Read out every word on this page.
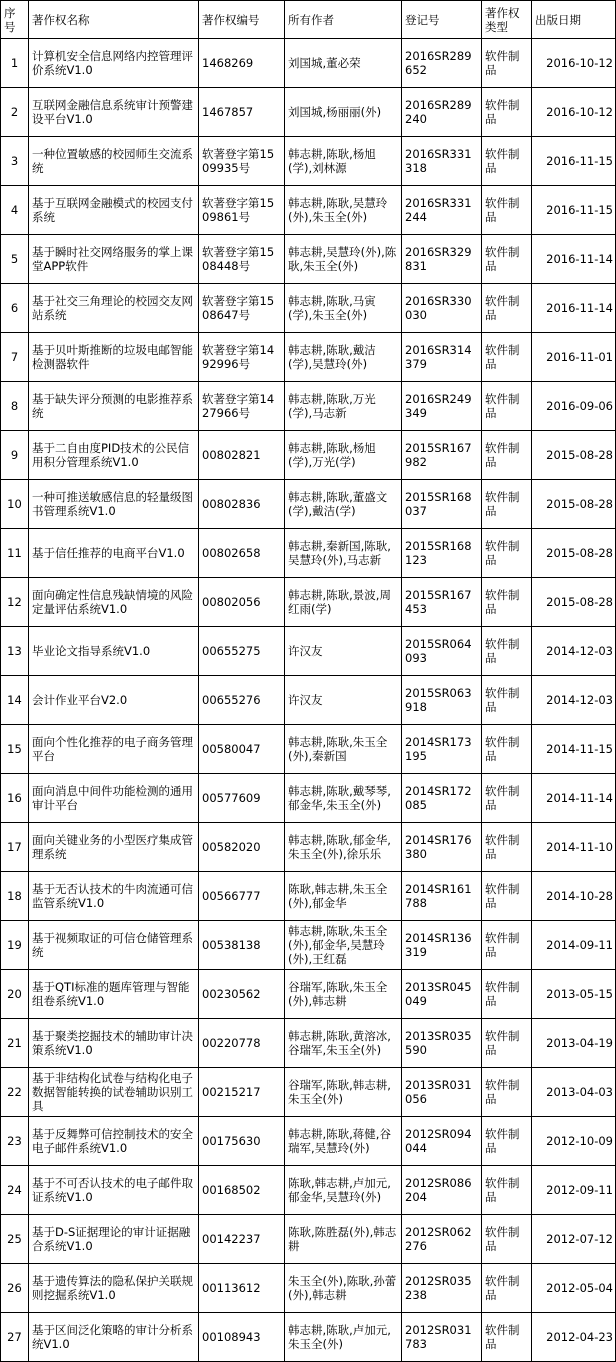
序号	著作权名称	著作权编号	所有作者	登记号	著作权类型	出版日期
1	计算机安全信息网络内控管理评价系统V1.0	1468269	刘国城,董必荣	2016SR289652	软件制品	2016-10-12
2	互联网金融信息系统审计预警建设平台V1.0	1467857	刘国城,杨丽丽(外)	2016SR289240	软件制品	2016-10-12
3	一种位置敏感的校园师生交流系统	软著登字第1509935号	韩志耕,陈耿,杨旭(学),刘林源	2016SR331318	软件制品	2016-11-15
4	基于互联网金融模式的校园支付系统	软著登字第1509861号	韩志耕,陈耿,吴慧玲(外),朱玉全(外)	2016SR331244	软件制品	2016-11-15
5	基于瞬时社交网络服务的掌上课堂APP软件	软著登字第1508448号	韩志耕,吴慧玲(外),陈耿,朱玉全(外)	2016SR329831	软件制品	2016-11-14
6	基于社交三角理论的校园交友网站系统	软著登字第1508647号	韩志耕,陈耿,马寅(学),朱玉全(外)	2016SR330030	软件制品	2016-11-14
7	基于贝叶斯推断的垃圾电邮智能检测器软件	软著登字第1492996号	韩志耕,陈耿,戴洁(学),吴慧玲(外)	2016SR314379	软件制品	2016-11-01
8	基于缺失评分预测的电影推荐系统	软著登字第1427966号	韩志耕,陈耿,万光(学),马志新	2016SR249349	软件制品	2016-09-06
9	基于二自由度PID技术的公民信用积分管理系统V1.0	00802821	韩志耕,陈耿,杨旭(学),万光(学)	2015SR167982	软件制品	2015-08-28
10	一种可推送敏感信息的轻量级图书管理系统V1.0	00802836	韩志耕,陈耿,董盛文(学),戴洁(学)	2015SR168037	软件制品	2015-08-28
11	基于信任推荐的电商平台V1.0	00802658	韩志耕,秦新国,陈耿,吴慧玲(外),马志新	2015SR168123	软件制品	2015-08-28
12	面向确定性信息残缺情境的风险定量评估系统V1.0	00802056	韩志耕,陈耿,景波,周红雨(学)	2015SR167453	软件制品	2015-08-28
13	毕业论文指导系统V1.0	00655275	许汉友	2015SR064093	软件制品	2014-12-03
14	会计作业平台V2.0	00655276	许汉友	2015SR063918	软件制品	2014-12-03
15	面向个性化推荐的电子商务管理平台	00580047	韩志耕,陈耿,朱玉全(外),秦新国	2014SR173195	软件制品	2014-11-15
16	面向消息中间件功能检测的通用审计平台	00577609	韩志耕,陈耿,戴琴琴,郁金华,朱玉全(外)	2014SR172085	软件制品	2014-11-14
17	面向关键业务的小型医疗集成管理系统	00582020	韩志耕,陈耿,郁金华,朱玉全(外),徐乐乐	2014SR176380	软件制品	2014-11-10
18	基于无否认技术的牛肉流通可信监管系统V1.0	00566777	陈耿,韩志耕,朱玉全(外),郁金华	2014SR161788	软件制品	2014-10-28
19	基于视频取证的可信仓储管理系统	00538138	韩志耕,陈耿,朱玉全(外),郁金华,吴慧玲(外),王红磊	2014SR136319	软件制品	2014-09-11
20	基于QTI标准的题库管理与智能组卷系统V1.0	00230562	谷瑞军,陈耿,朱玉全(外),韩志耕	2013SR045049	软件制品	2013-05-15
21	基于聚类挖掘技术的辅助审计决策系统V1.0	00220778	韩志耕,陈耿,黄溶冰,谷瑞军,朱玉全(外)	2013SR035590	软件制品	2013-04-19
22	基于非结构化试卷与结构化电子数据智能转换的试卷辅助识别工具	00215217	谷瑞军,陈耿,韩志耕,朱玉全(外)	2013SR031056	软件制品	2013-04-03
23	基于反舞弊可信控制技术的安全电子邮件系统V1.0	00175630	韩志耕,陈耿,蒋健,谷瑞军,吴慧玲(外)	2012SR094044	软件制品	2012-10-09
24	基于不可否认技术的电子邮件取证系统V1.0	00168502	陈耿,韩志耕,卢加元,郁金华,吴慧玲(外)	2012SR086204	软件制品	2012-09-11
25	基于D-S证据理论的审计证据融合系统V1.0	00142237	陈耿,陈胜磊(外),韩志耕	2012SR062276	软件制品	2012-07-12
26	基于遗传算法的隐私保护关联规则挖掘系统V1.0	00113612	朱玉全(外),陈耿,孙蕾(外),韩志耕	2012SR035238	软件制品	2012-05-04
27	基于区间泛化策略的审计分析系统V1.0	00108943	韩志耕,陈耿,卢加元,朱玉全(外)	2012SR031783	软件制品	2012-04-23
